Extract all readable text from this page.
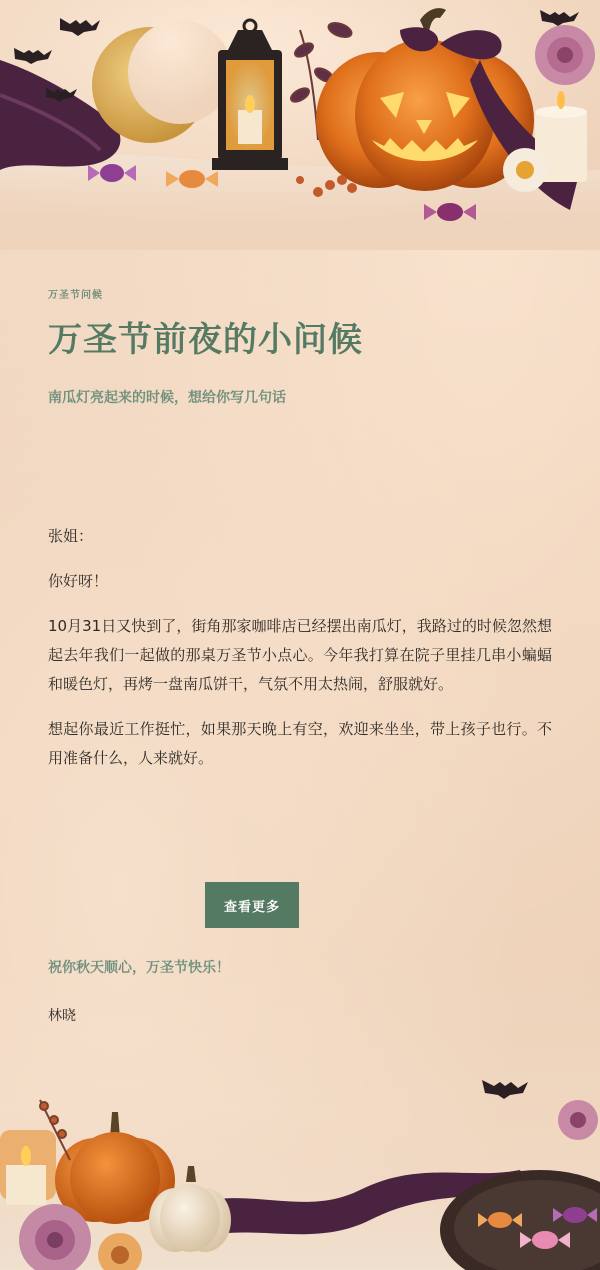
万圣节问候
万圣节前夜的小问候
南瓜灯亮起来的时候，想给你写几句话

张姐：

你好呀！

10月31日又快到了，街角那家咖啡店已经摆出南瓜灯，我路过的时候忽然想起去年我们一起做的那桌万圣节小点心。今年我打算在院子里挂几串小蝙蝠和暖色灯，再烤一盘南瓜饼干，气氛不用太热闹，舒服就好。

想起你最近工作挺忙，如果那天晚上有空，欢迎来坐坐，带上孩子也行。不用准备什么，人来就好。

祝你秋天顺心，万圣节快乐！
林晓
查看更多
